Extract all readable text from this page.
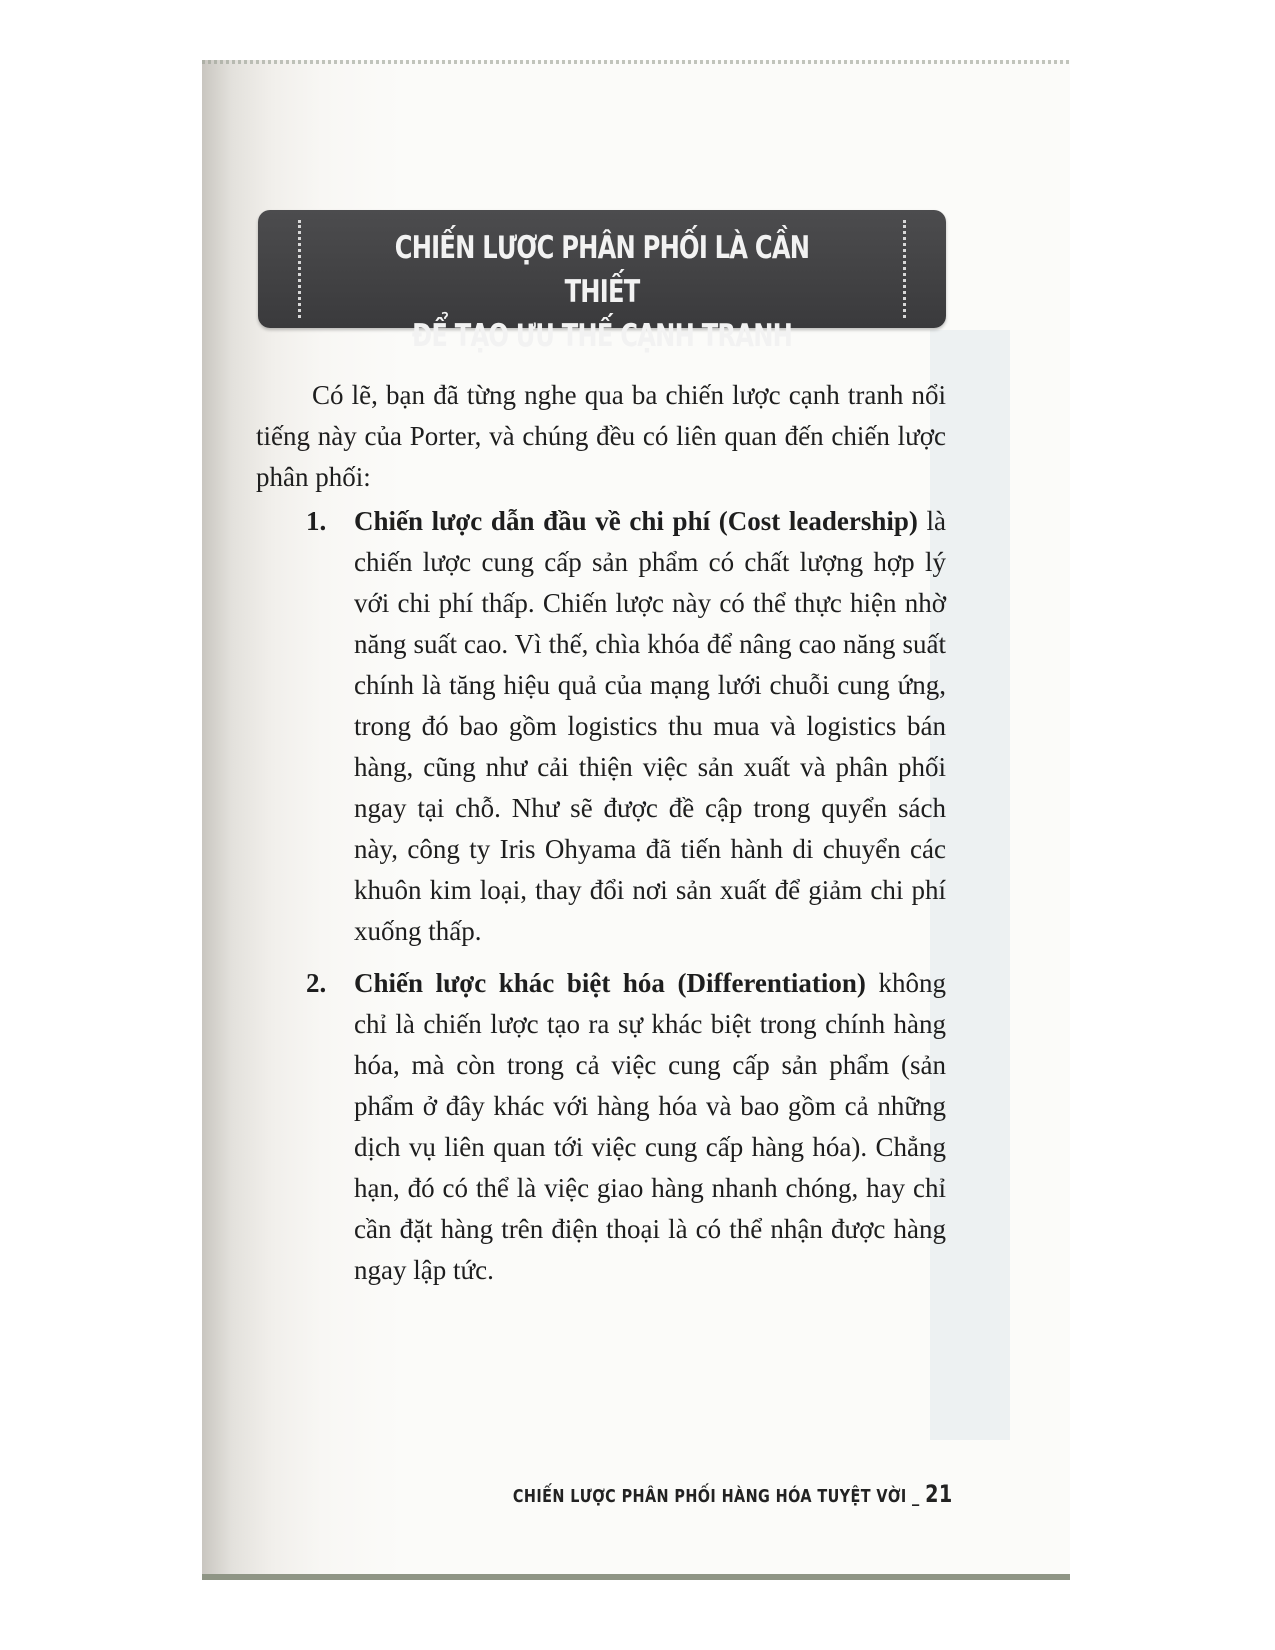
CHIẾN LƯỢC PHÂN PHỐI LÀ CẦN THIẾT
ĐỂ TẠO ƯU THẾ CẠNH TRANH

Có lẽ, bạn đã từng nghe qua ba chiến lược cạnh tranh nổi tiếng này của Porter, và chúng đều có liên quan đến chiến lược phân phối:

1. Chiến lược dẫn đầu về chi phí (Cost leadership) là chiến lược cung cấp sản phẩm có chất lượng hợp lý với chi phí thấp. Chiến lược này có thể thực hiện nhờ năng suất cao. Vì thế, chìa khóa để nâng cao năng suất chính là tăng hiệu quả của mạng lưới chuỗi cung ứng, trong đó bao gồm logistics thu mua và logistics bán hàng, cũng như cải thiện việc sản xuất và phân phối ngay tại chỗ. Như sẽ được đề cập trong quyển sách này, công ty Iris Ohyama đã tiến hành di chuyển các khuôn kim loại, thay đổi nơi sản xuất để giảm chi phí xuống thấp.
2. Chiến lược khác biệt hóa (Differentiation) không chỉ là chiến lược tạo ra sự khác biệt trong chính hàng hóa, mà còn trong cả việc cung cấp sản phẩm (sản phẩm ở đây khác với hàng hóa và bao gồm cả những dịch vụ liên quan tới việc cung cấp hàng hóa). Chẳng hạn, đó có thể là việc giao hàng nhanh chóng, hay chỉ cần đặt hàng trên điện thoại là có thể nhận được hàng ngay lập tức.
CHIẾN LƯỢC PHÂN PHỐI HÀNG HÓA TUYỆT VỜI _ 21
